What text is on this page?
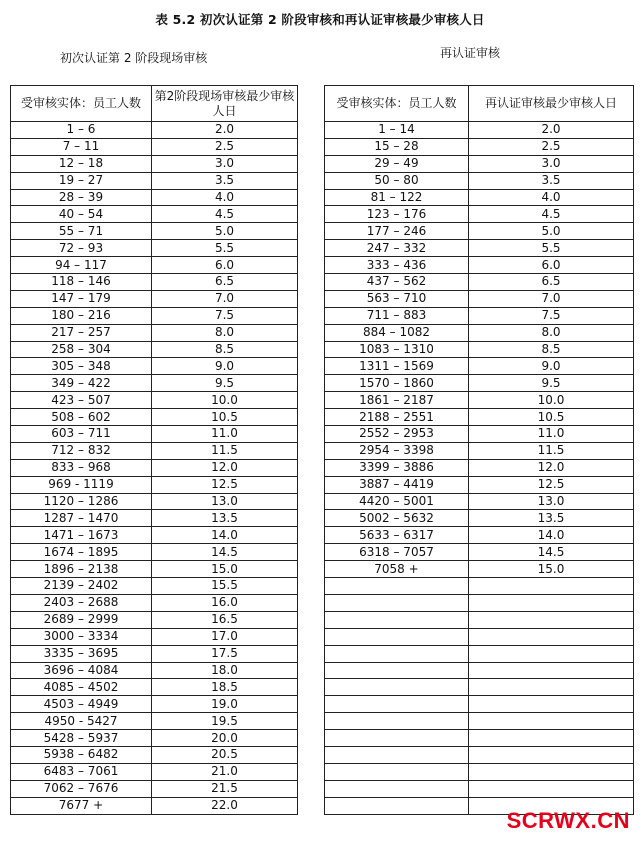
表 5.2 初次认证第 2 阶段审核和再认证审核最少审核人日
初次认证第 2 阶段现场审核	再认证审核
受审核实体：员工人数	第2阶段现场审核最少审核人日
1 – 6	2.0
7 – 11	2.5
12 – 18	3.0
19 – 27	3.5
28 – 39	4.0
40 – 54	4.5
55 – 71	5.0
72 – 93	5.5
94 – 117	6.0
118 – 146	6.5
147 – 179	7.0
180 – 216	7.5
217 – 257	8.0
258 – 304	8.5
305 – 348	9.0
349 – 422	9.5
423 – 507	10.0
508 – 602	10.5
603 – 711	11.0
712 – 832	11.5
833 – 968	12.0
969 - 1119	12.5
1120 – 1286	13.0
1287 – 1470	13.5
1471 – 1673	14.0
1674 – 1895	14.5
1896 – 2138	15.0
2139 – 2402	15.5
2403 – 2688	16.0
2689 – 2999	16.5
3000 – 3334	17.0
3335 – 3695	17.5
3696 – 4084	18.0
4085 – 4502	18.5
4503 – 4949	19.0
4950 - 5427	19.5
5428 – 5937	20.0
5938 – 6482	20.5
6483 – 7061	21.0
7062 – 7676	21.5
7677 +	22.0
受审核实体：员工人数	再认证审核最少审核人日
1 – 14	2.0
15 – 28	2.5
29 – 49	3.0
50 – 80	3.5
81 – 122	4.0
123 – 176	4.5
177 – 246	5.0
247 – 332	5.5
333 – 436	6.0
437 – 562	6.5
563 – 710	7.0
711 – 883	7.5
884 – 1082	8.0
1083 – 1310	8.5
1311 – 1569	9.0
1570 – 1860	9.5
1861 – 2187	10.0
2188 – 2551	10.5
2552 – 2953	11.0
2954 – 3398	11.5
3399 – 3886	12.0
3887 – 4419	12.5
4420 – 5001	13.0
5002 – 5632	13.5
5633 – 6317	14.0
6318 – 7057	14.5
7058 +	15.0

SCRWX.CN
